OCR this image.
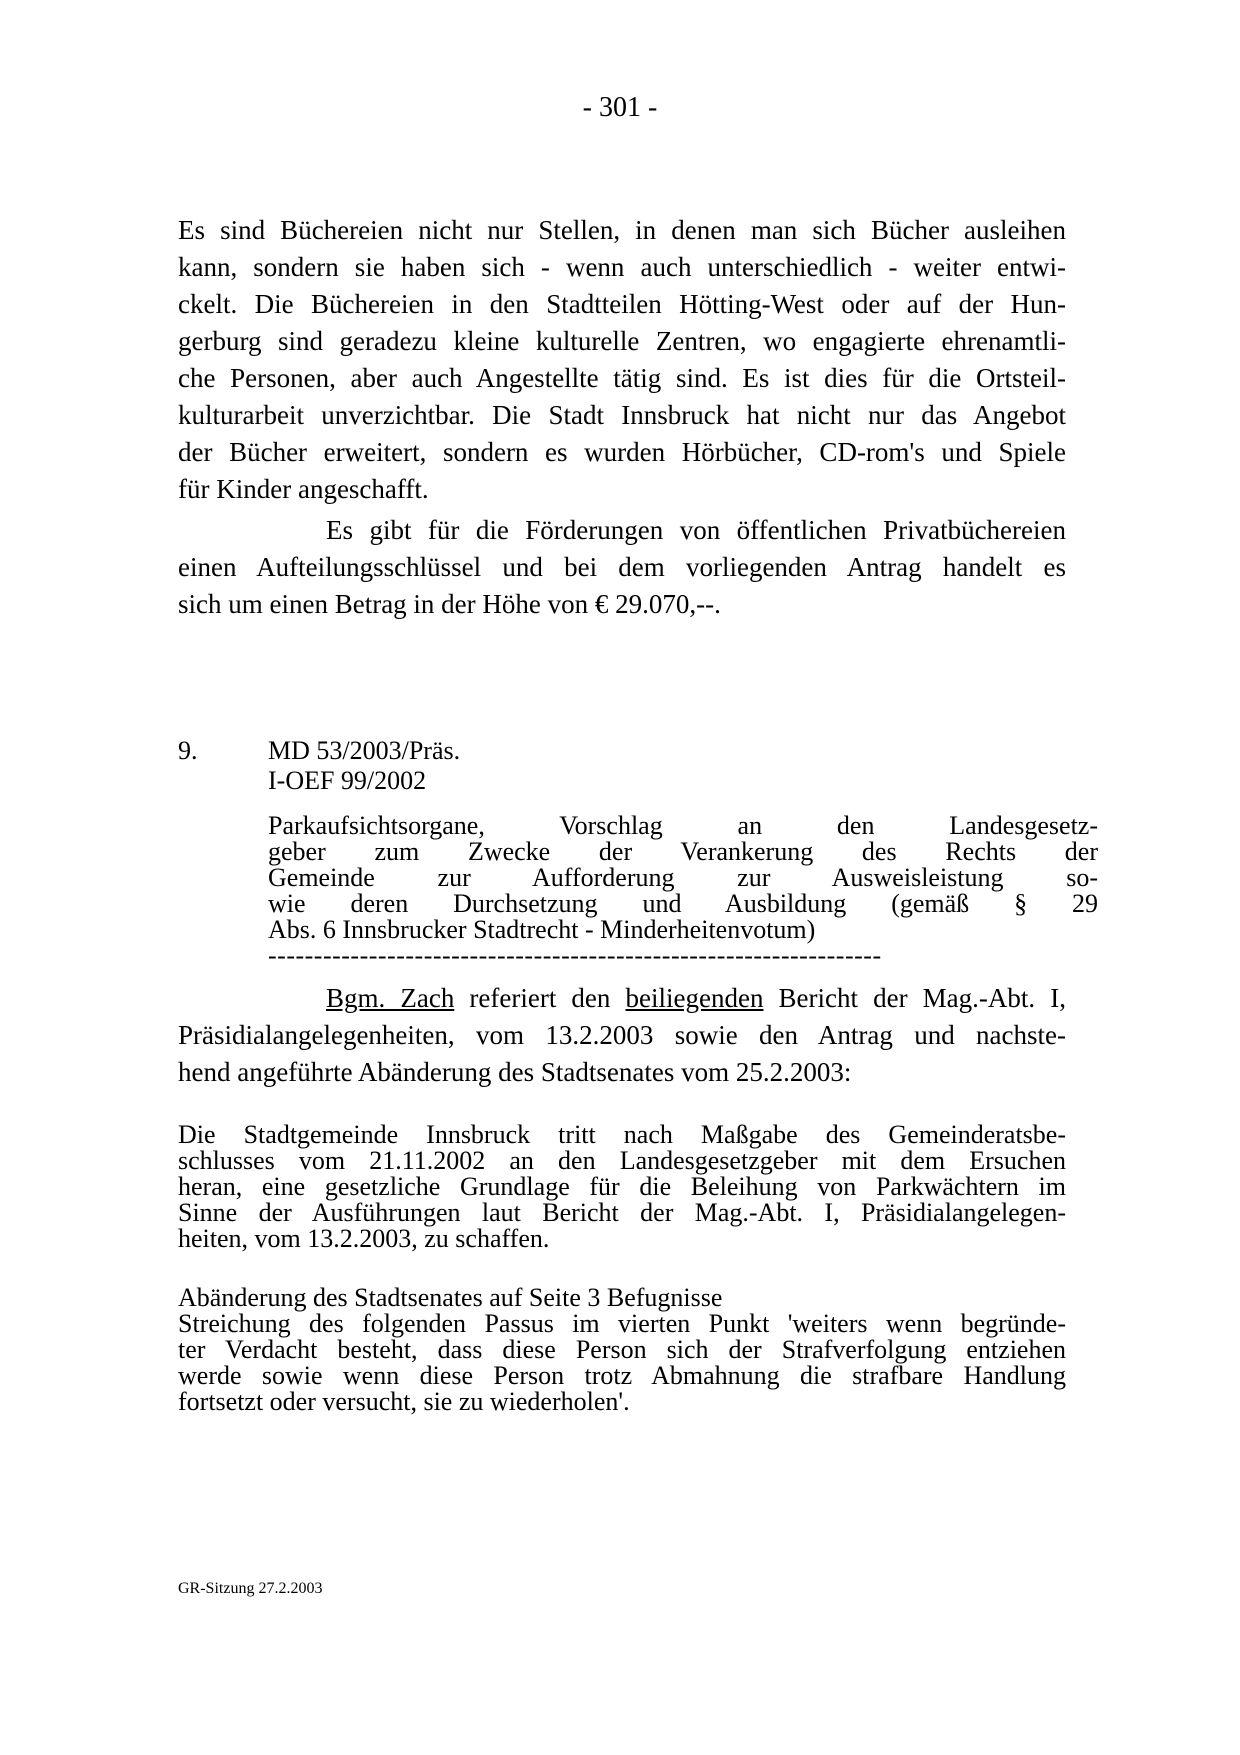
- 301 -
Es sind Büchereien nicht nur Stellen, in denen man sich Bücher ausleihen
kann, sondern sie haben sich - wenn auch unterschiedlich - weiter entwi-
ckelt. Die Büchereien in den Stadtteilen Hötting-West oder auf der Hun-
gerburg sind geradezu kleine kulturelle Zentren, wo engagierte ehrenamtli-
che Personen, aber auch Angestellte tätig sind. Es ist dies für die Ortsteil-
kulturarbeit unverzichtbar. Die Stadt Innsbruck hat nicht nur das Angebot
der Bücher erweitert, sondern es wurden Hörbücher, CD-rom's und Spiele
für Kinder angeschafft.
Es gibt für die Förderungen von öffentlichen Privatbüchereien
einen Aufteilungsschlüssel und bei dem vorliegenden Antrag handelt es
sich um einen Betrag in der Höhe von € 29.070,--.
9.	MD 53/2003/Präs.
I-OEF 99/2002
Parkaufsichtsorgane, Vorschlag an den Landesgesetz-
geber zum Zwecke der Verankerung des Rechts der
Gemeinde zur Aufforderung zur Ausweisleistung so-
wie deren Durchsetzung und Ausbildung (gemäß § 29
Abs. 6 Innsbrucker Stadtrecht - Minderheitenvotum)
-------------------------------------------------------------------
Bgm. Zach referiert den beiliegenden Bericht der Mag.-Abt. I,
Präsidialangelegenheiten, vom 13.2.2003 sowie den Antrag und nachste-
hend angeführte Abänderung des Stadtsenates vom 25.2.2003:
Die Stadtgemeinde Innsbruck tritt nach Maßgabe des Gemeinderatsbe-
schlusses vom 21.11.2002 an den Landesgesetzgeber mit dem Ersuchen
heran, eine gesetzliche Grundlage für die Beleihung von Parkwächtern im
Sinne der Ausführungen laut Bericht der Mag.-Abt. I, Präsidialangelegen-
heiten, vom 13.2.2003, zu schaffen.
Abänderung des Stadtsenates auf Seite 3 Befugnisse
Streichung des folgenden Passus im vierten Punkt 'weiters wenn begründe-
ter Verdacht besteht, dass diese Person sich der Strafverfolgung entziehen
werde sowie wenn diese Person trotz Abmahnung die strafbare Handlung
fortsetzt oder versucht, sie zu wiederholen'.
GR-Sitzung 27.2.2003
